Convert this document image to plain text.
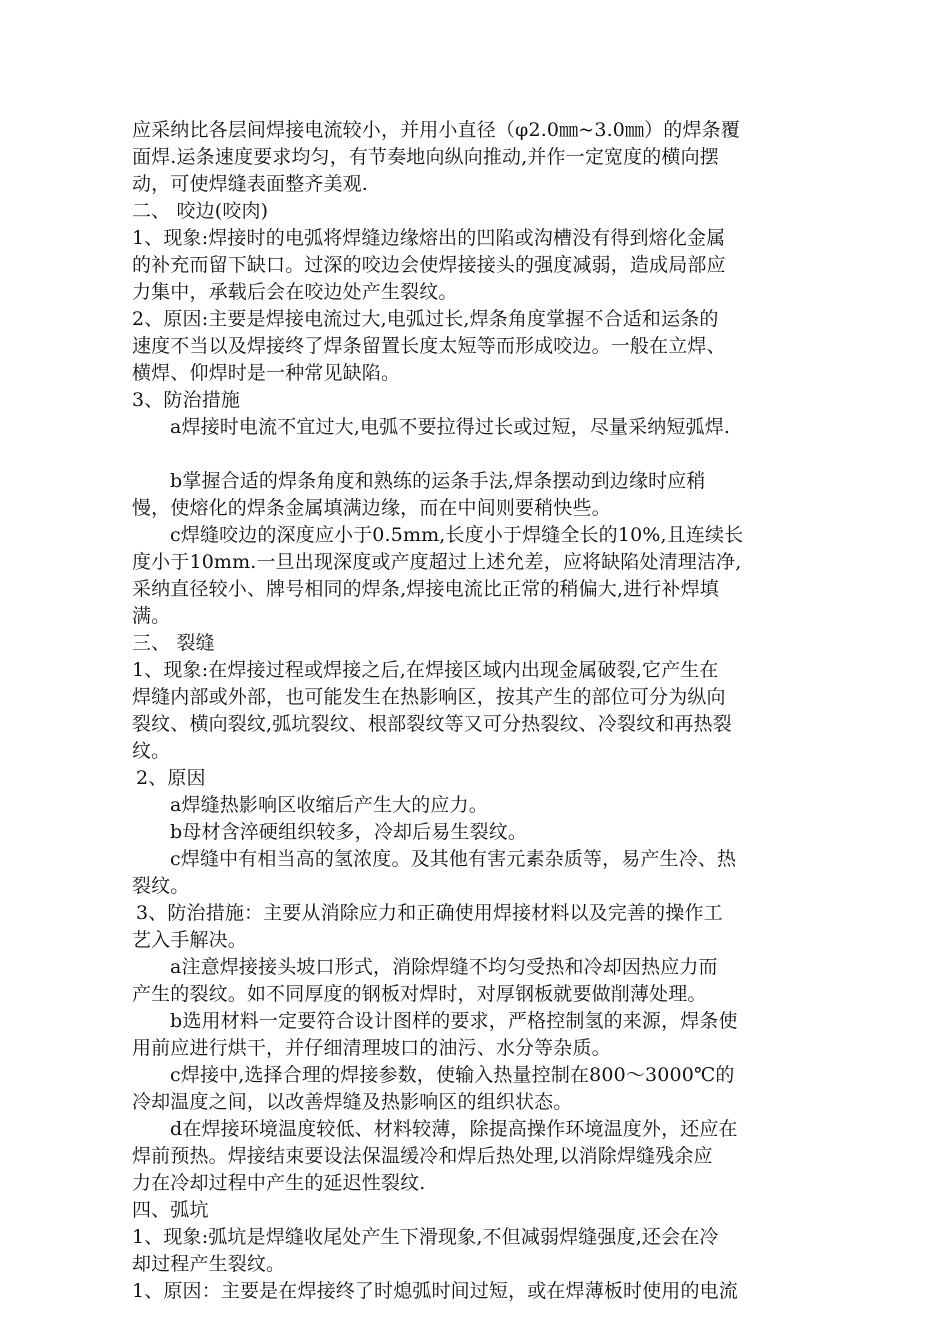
应采纳比各层间焊接电流较小，并用小直径（φ2.0㎜~3.0㎜）的焊条覆
面焊.运条速度要求均匀，有节奏地向纵向推动,并作一定宽度的横向摆
动，可使焊缝表面整齐美观.
二、 咬边(咬肉)
1、现象:焊接时的电弧将焊缝边缘熔出的凹陷或沟槽没有得到熔化金属
的补充而留下缺口。过深的咬边会使焊接接头的强度减弱，造成局部应
力集中，承载后会在咬边处产生裂纹。
2、原因:主要是焊接电流过大,电弧过长,焊条角度掌握不合适和运条的
速度不当以及焊接终了焊条留置长度太短等而形成咬边。一般在立焊、
横焊、仰焊时是一种常见缺陷。
3、防治措施
a焊接时电流不宜过大,电弧不要拉得过长或过短，尽量采纳短弧焊.
b掌握合适的焊条角度和熟练的运条手法,焊条摆动到边缘时应稍
慢，使熔化的焊条金属填满边缘，而在中间则要稍快些。
c焊缝咬边的深度应小于0.5mm,长度小于焊缝全长的10%,且连续长
度小于10mm.一旦出现深度或产度超过上述允差，应将缺陷处清理洁净,
采纳直径较小、牌号相同的焊条,焊接电流比正常的稍偏大,进行补焊填
满。
三、 裂缝
1、现象:在焊接过程或焊接之后,在焊接区域内出现金属破裂,它产生在
焊缝内部或外部，也可能发生在热影响区，按其产生的部位可分为纵向
裂纹、横向裂纹,弧坑裂纹、根部裂纹等又可分热裂纹、冷裂纹和再热裂
纹。
2、原因
a焊缝热影响区收缩后产生大的应力。
b母材含淬硬组织较多，冷却后易生裂纹。
c焊缝中有相当高的氢浓度。及其他有害元素杂质等，易产生冷、热
裂纹。
3、防治措施：主要从消除应力和正确使用焊接材料以及完善的操作工
艺入手解决。
a注意焊接接头坡口形式，消除焊缝不均匀受热和冷却因热应力而
产生的裂纹。如不同厚度的钢板对焊时，对厚钢板就要做削薄处理。
b选用材料一定要符合设计图样的要求，严格控制氢的来源，焊条使
用前应进行烘干，并仔细清理坡口的油污、水分等杂质。
c焊接中,选择合理的焊接参数，使输入热量控制在800～3000℃的
冷却温度之间，以改善焊缝及热影响区的组织状态。
d在焊接环境温度较低、材料较薄，除提高操作环境温度外，还应在
焊前预热。焊接结束要设法保温缓冷和焊后热处理,以消除焊缝残余应
力在冷却过程中产生的延迟性裂纹.
四、弧坑
1、现象:弧坑是焊缝收尾处产生下滑现象,不但减弱焊缝强度,还会在冷
却过程产生裂纹。
1、原因：主要是在焊接终了时熄弧时间过短，或在焊薄板时使用的电流
